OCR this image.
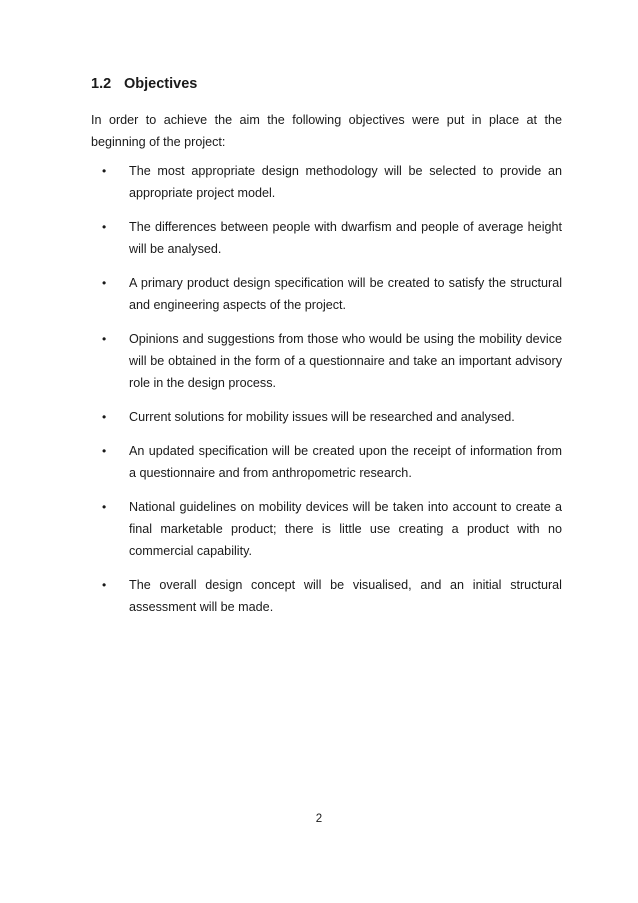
1.2 Objectives

In order to achieve the aim the following objectives were put in place at the beginning of the project:

• The most appropriate design methodology will be selected to provide an appropriate project model.
• The differences between people with dwarfism and people of average height will be analysed.
• A primary product design specification will be created to satisfy the structural and engineering aspects of the project.
• Opinions and suggestions from those who would be using the mobility device will be obtained in the form of a questionnaire and take an important advisory role in the design process.
• Current solutions for mobility issues will be researched and analysed.
• An updated specification will be created upon the receipt of information from a questionnaire and from anthropometric research.
• National guidelines on mobility devices will be taken into account to create a final marketable product; there is little use creating a product with no commercial capability.
• The overall design concept will be visualised, and an initial structural assessment will be made.

2
